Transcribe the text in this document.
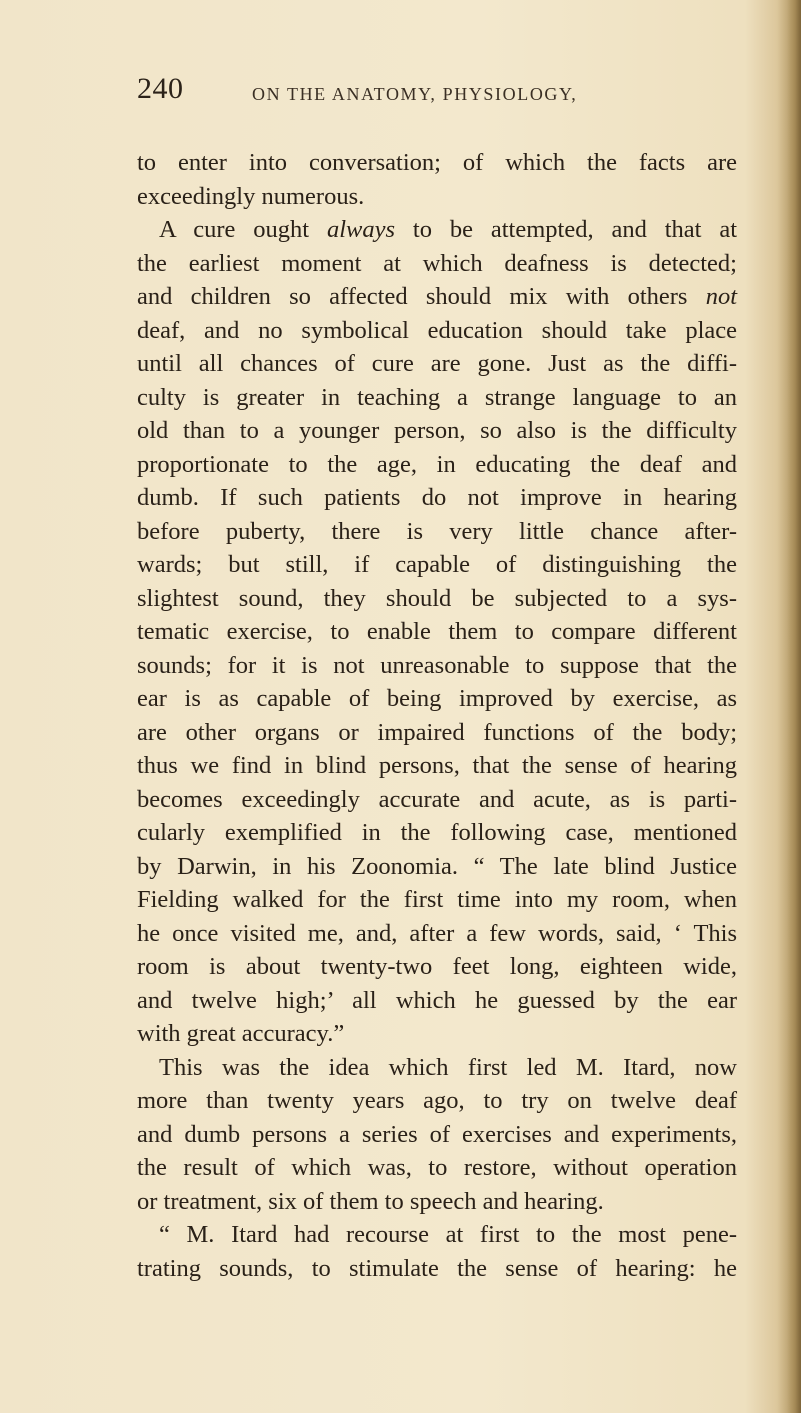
240	ON THE ANATOMY, PHYSIOLOGY,
to enter into conversation; of which the facts are
exceedingly numerous.
A cure ought always to be attempted, and that at
the earliest moment at which deafness is detected;
and children so affected should mix with others not
deaf, and no symbolical education should take place
until all chances of cure are gone. Just as the diffi-
culty is greater in teaching a strange language to an
old than to a younger person, so also is the difficulty
proportionate to the age, in educating the deaf and
dumb. If such patients do not improve in hearing
before puberty, there is very little chance after-
wards; but still, if capable of distinguishing the
slightest sound, they should be subjected to a sys-
tematic exercise, to enable them to compare different
sounds; for it is not unreasonable to suppose that the
ear is as capable of being improved by exercise, as
are other organs or impaired functions of the body;
thus we find in blind persons, that the sense of hearing
becomes exceedingly accurate and acute, as is parti-
cularly exemplified in the following case, mentioned
by Darwin, in his Zoonomia. “ The late blind Justice
Fielding walked for the first time into my room, when
he once visited me, and, after a few words, said, ‘ This
room is about twenty-two feet long, eighteen wide,
and twelve high;’ all which he guessed by the ear
with great accuracy.”
This was the idea which first led M. Itard, now
more than twenty years ago, to try on twelve deaf
and dumb persons a series of exercises and experiments,
the result of which was, to restore, without operation
or treatment, six of them to speech and hearing.
“ M. Itard had recourse at first to the most pene-
trating sounds, to stimulate the sense of hearing: he
